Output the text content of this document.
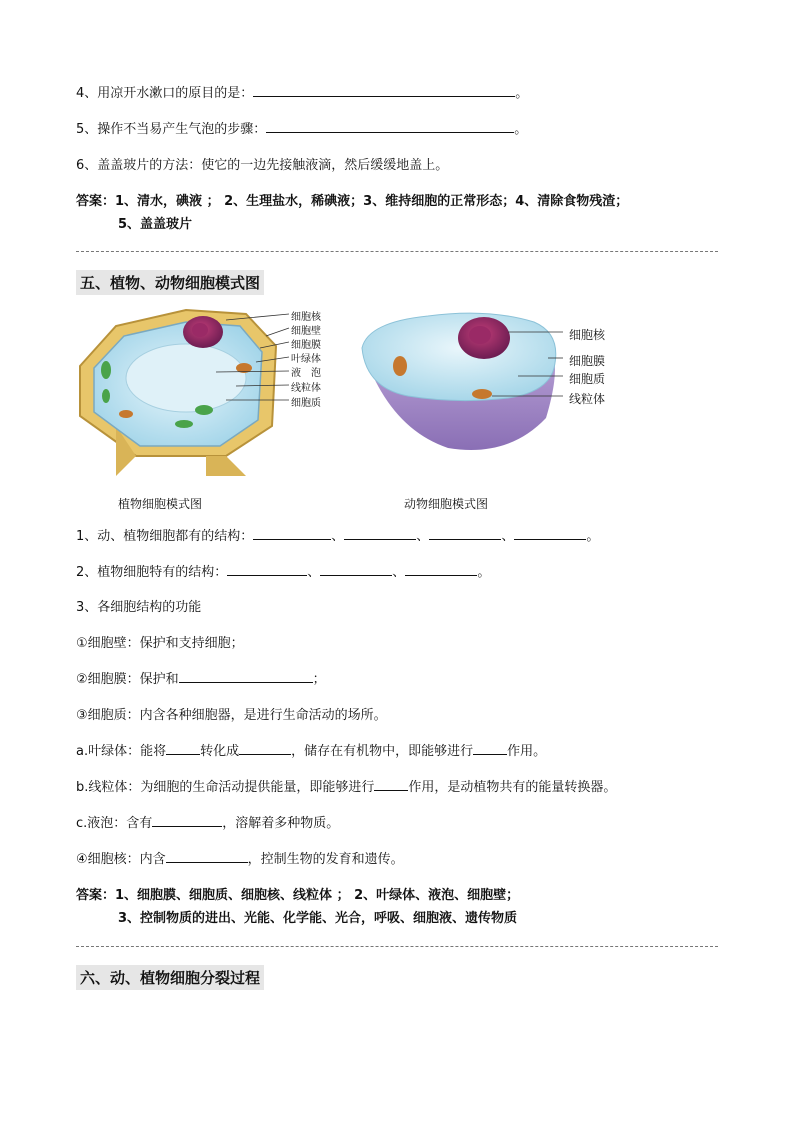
4、用凉开水漱口的原目的是：	。
5、操作不当易产生气泡的步骤：	。
6、盖盖玻片的方法：使它的一边先接触液滴，然后缓缓地盖上。
答案：1、清水，碘液 ； 2、生理盐水，稀碘液；3、维持细胞的正常形态；4、清除食物残渣；
5、盖盖玻片
五、植物、动物细胞模式图
细胞核
细胞壁
细胞膜
叶绿体
液　泡
线粒体
细胞质
细胞核
细胞膜
细胞质
线粒体
植物细胞模式图	动物细胞模式图
1、动、植物细胞都有的结构：	、	、	、	。
2、植物细胞特有的结构：	、	、	。
3、各细胞结构的功能
①细胞壁：保护和支持细胞；
②细胞膜：保护和	；
③细胞质：内含各种细胞器，是进行生命活动的场所。
a.叶绿体：能将	转化成	，储存在有机物中，即能够进行	作用。
b.线粒体：为细胞的生命活动提供能量，即能够进行	作用，是动植物共有的能量转换器。
c.液泡：含有	，溶解着多种物质。
④细胞核：内含	，控制生物的发育和遗传。
答案：1、细胞膜、细胞质、细胞核、线粒体 ； 2、叶绿体、液泡、细胞壁；
3、控制物质的进出、光能、化学能、光合，呼吸、细胞液、遗传物质
六、动、植物细胞分裂过程
